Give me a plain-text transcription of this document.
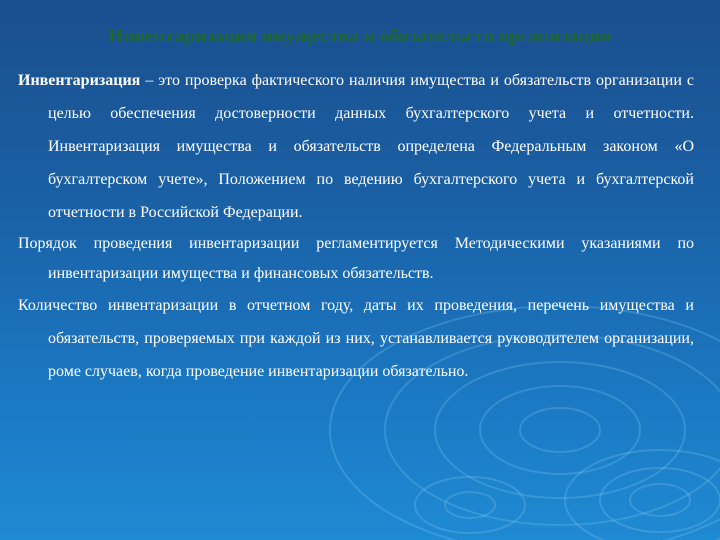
Инвентаризация имущества и обязательств организации

Инвентаризация – это проверка фактического наличия имущества и обязательств организации с целью обеспечения достоверности данных бухгалтерского учета и отчетности. Инвентаризация имущества и обязательств определена Федеральным законом «О бухгалтерском учете», Положением по ведению бухгалтерского учета и бухгалтерской отчетности в Российской Федерации.

Порядок проведения инвентаризации регламентируется Методическими указаниями по инвентаризации имущества и финансовых обязательств.

Количество инвентаризации в отчетном году, даты их проведения, перечень имущества и обязательств, проверяемых при каждой из них, устанавливается руководителем организации, роме случаев, когда проведение инвентаризации обязательно.
